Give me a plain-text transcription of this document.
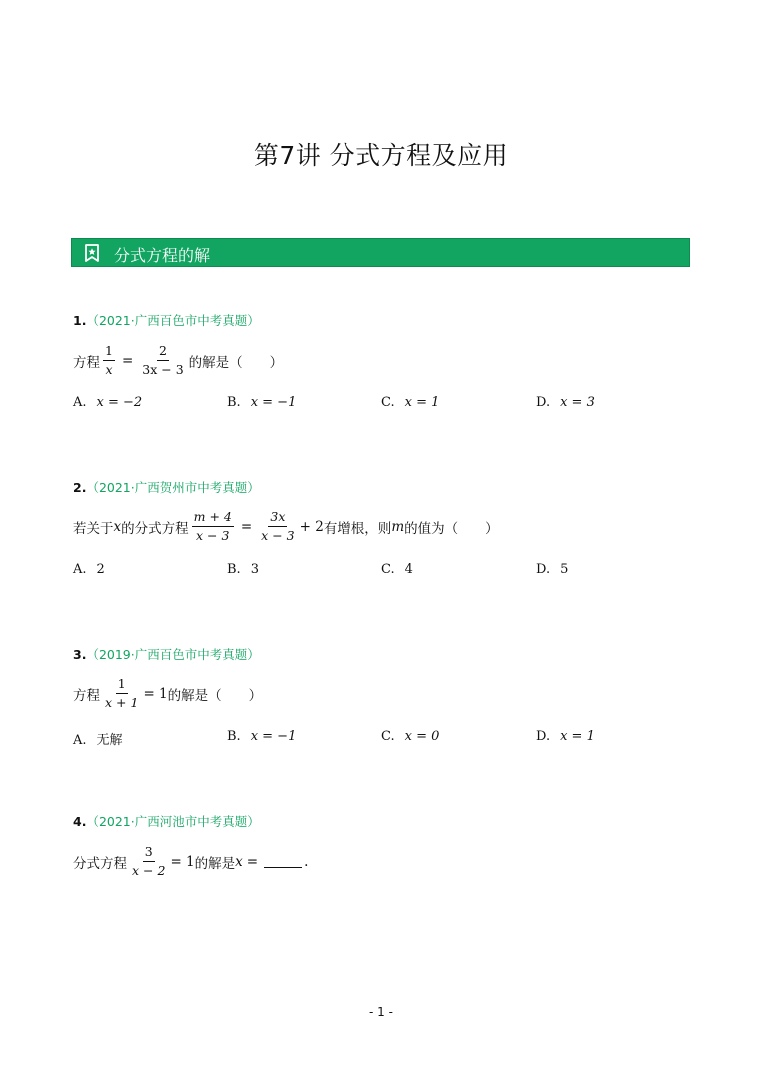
第7讲 分式方程及应用
分式方程的解
1.（2021·广西百色市中考真题）
方程 $\frac{1}{x} = \frac{2}{3x - 3}$ 的解是（　　）
A. x = −2	B. x = −1	C. x = 1	D. x = 3
2.（2021·广西贺州市中考真题）
若关于 x 的分式方程 $\frac{m + 4}{x - 3} = \frac{3x}{x - 3} + 2$ 有增根，则 m 的值为（　　）
A. 2	B. 3	C. 4	D. 5
3.（2019·广西百色市中考真题）
方程 $\frac{1}{x + 1} = 1$ 的解是（　　）
A. 无解	B. x = −1	C. x = 0	D. x = 1
4.（2021·广西河池市中考真题）
分式方程 $\frac{3}{x - 2} = 1$ 的解是 x =	.
- 1 -
